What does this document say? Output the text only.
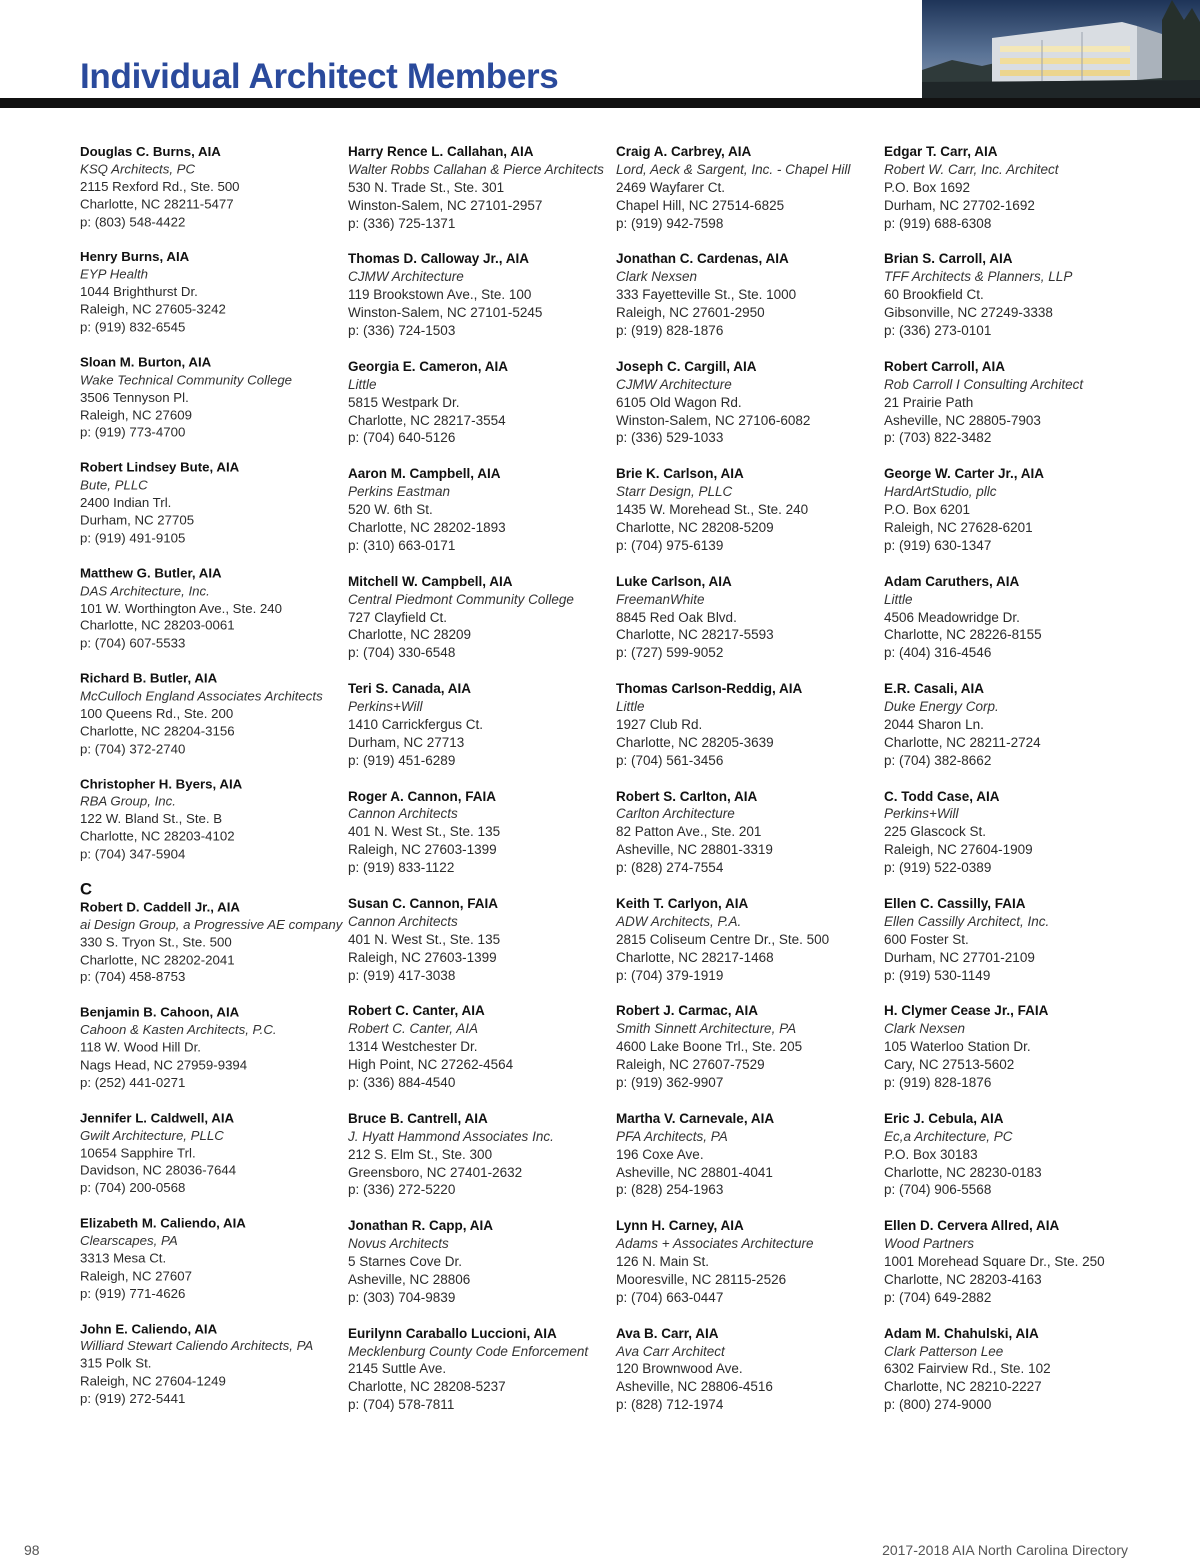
Individual Architect Members
Douglas C. Burns, AIA
KSQ Architects, PC
2115 Rexford Rd., Ste. 500
Charlotte, NC 28211-5477
p: (803) 548-4422
Henry Burns, AIA
EYP Health
1044 Brighthurst Dr.
Raleigh, NC 27605-3242
p: (919) 832-6545
Sloan M. Burton, AIA
Wake Technical Community College
3506 Tennyson Pl.
Raleigh, NC 27609
p: (919) 773-4700
Robert Lindsey Bute, AIA
Bute, PLLC
2400 Indian Trl.
Durham, NC 27705
p: (919) 491-9105
Matthew G. Butler, AIA
DAS Architecture, Inc.
101 W. Worthington Ave., Ste. 240
Charlotte, NC 28203-0061
p: (704) 607-5533
Richard B. Butler, AIA
McCulloch England Associates Architects
100 Queens Rd., Ste. 200
Charlotte, NC 28204-3156
p: (704) 372-2740
Christopher H. Byers, AIA
RBA Group, Inc.
122 W. Bland St., Ste. B
Charlotte, NC 28203-4102
p: (704) 347-5904
C
Robert D. Caddell Jr., AIA
ai Design Group, a Progressive AE company
330 S. Tryon St., Ste. 500
Charlotte, NC 28202-2041
p: (704) 458-8753
Benjamin B. Cahoon, AIA
Cahoon & Kasten Architects, P.C.
118 W. Wood Hill Dr.
Nags Head, NC 27959-9394
p: (252) 441-0271
Jennifer L. Caldwell, AIA
Gwilt Architecture, PLLC
10654 Sapphire Trl.
Davidson, NC 28036-7644
p: (704) 200-0568
Elizabeth M. Caliendo, AIA
Clearscapes, PA
3313 Mesa Ct.
Raleigh, NC 27607
p: (919) 771-4626
John E. Caliendo, AIA
Williard Stewart Caliendo Architects, PA
315 Polk St.
Raleigh, NC 27604-1249
p: (919) 272-5441
Harry Rence L. Callahan, AIA
Walter Robbs Callahan & Pierce Architects
530 N. Trade St., Ste. 301
Winston-Salem, NC 27101-2957
p: (336) 725-1371
Thomas D. Calloway Jr., AIA
CJMW Architecture
119 Brookstown Ave., Ste. 100
Winston-Salem, NC 27101-5245
p: (336) 724-1503
Georgia E. Cameron, AIA
Little
5815 Westpark Dr.
Charlotte, NC 28217-3554
p: (704) 640-5126
Aaron M. Campbell, AIA
Perkins Eastman
520 W. 6th St.
Charlotte, NC 28202-1893
p: (310) 663-0171
Mitchell W. Campbell, AIA
Central Piedmont Community College
727 Clayfield Ct.
Charlotte, NC 28209
p: (704) 330-6548
Teri S. Canada, AIA
Perkins+Will
1410 Carrickfergus Ct.
Durham, NC 27713
p: (919) 451-6289
Roger A. Cannon, FAIA
Cannon Architects
401 N. West St., Ste. 135
Raleigh, NC 27603-1399
p: (919) 833-1122
Susan C. Cannon, FAIA
Cannon Architects
401 N. West St., Ste. 135
Raleigh, NC 27603-1399
p: (919) 417-3038
Robert C. Canter, AIA
Robert C. Canter, AIA
1314 Westchester Dr.
High Point, NC 27262-4564
p: (336) 884-4540
Bruce B. Cantrell, AIA
J. Hyatt Hammond Associates Inc.
212 S. Elm St., Ste. 300
Greensboro, NC 27401-2632
p: (336) 272-5220
Jonathan R. Capp, AIA
Novus Architects
5 Starnes Cove Dr.
Asheville, NC 28806
p: (303) 704-9839
Eurilynn Caraballo Luccioni, AIA
Mecklenburg County Code Enforcement
2145 Suttle Ave.
Charlotte, NC 28208-5237
p: (704) 578-7811
Craig A. Carbrey, AIA
Lord, Aeck & Sargent, Inc. - Chapel Hill
2469 Wayfarer Ct.
Chapel Hill, NC 27514-6825
p: (919) 942-7598
Jonathan C. Cardenas, AIA
Clark Nexsen
333 Fayetteville St., Ste. 1000
Raleigh, NC 27601-2950
p: (919) 828-1876
Joseph C. Cargill, AIA
CJMW Architecture
6105 Old Wagon Rd.
Winston-Salem, NC 27106-6082
p: (336) 529-1033
Brie K. Carlson, AIA
Starr Design, PLLC
1435 W. Morehead St., Ste. 240
Charlotte, NC 28208-5209
p: (704) 975-6139
Luke Carlson, AIA
FreemanWhite
8845 Red Oak Blvd.
Charlotte, NC 28217-5593
p: (727) 599-9052
Thomas Carlson-Reddig, AIA
Little
1927 Club Rd.
Charlotte, NC 28205-3639
p: (704) 561-3456
Robert S. Carlton, AIA
Carlton Architecture
82 Patton Ave., Ste. 201
Asheville, NC 28801-3319
p: (828) 274-7554
Keith T. Carlyon, AIA
ADW Architects, P.A.
2815 Coliseum Centre Dr., Ste. 500
Charlotte, NC 28217-1468
p: (704) 379-1919
Robert J. Carmac, AIA
Smith Sinnett Architecture, PA
4600 Lake Boone Trl., Ste. 205
Raleigh, NC 27607-7529
p: (919) 362-9907
Martha V. Carnevale, AIA
PFA Architects, PA
196 Coxe Ave.
Asheville, NC 28801-4041
p: (828) 254-1963
Lynn H. Carney, AIA
Adams + Associates Architecture
126 N. Main St.
Mooresville, NC 28115-2526
p: (704) 663-0447
Ava B. Carr, AIA
Ava Carr Architect
120 Brownwood Ave.
Asheville, NC 28806-4516
p: (828) 712-1974
Edgar T. Carr, AIA
Robert W. Carr, Inc. Architect
P.O. Box 1692
Durham, NC 27702-1692
p: (919) 688-6308
Brian S. Carroll, AIA
TFF Architects & Planners, LLP
60 Brookfield Ct.
Gibsonville, NC 27249-3338
p: (336) 273-0101
Robert Carroll, AIA
Rob Carroll I Consulting Architect
21 Prairie Path
Asheville, NC 28805-7903
p: (703) 822-3482
George W. Carter Jr., AIA
HardArtStudio, pllc
P.O. Box 6201
Raleigh, NC 27628-6201
p: (919) 630-1347
Adam Caruthers, AIA
Little
4506 Meadowridge Dr.
Charlotte, NC 28226-8155
p: (404) 316-4546
E.R. Casali, AIA
Duke Energy Corp.
2044 Sharon Ln.
Charlotte, NC 28211-2724
p: (704) 382-8662
C. Todd Case, AIA
Perkins+Will
225 Glascock St.
Raleigh, NC 27604-1909
p: (919) 522-0389
Ellen C. Cassilly, FAIA
Ellen Cassilly Architect, Inc.
600 Foster St.
Durham, NC 27701-2109
p: (919) 530-1149
H. Clymer Cease Jr., FAIA
Clark Nexsen
105 Waterloo Station Dr.
Cary, NC 27513-5602
p: (919) 828-1876
Eric J. Cebula, AIA
Ec,a Architecture, PC
P.O. Box 30183
Charlotte, NC 28230-0183
p: (704) 906-5568
Ellen D. Cervera Allred, AIA
Wood Partners
1001 Morehead Square Dr., Ste. 250
Charlotte, NC 28203-4163
p: (704) 649-2882
Adam M. Chahulski, AIA
Clark Patterson Lee
6302 Fairview Rd., Ste. 102
Charlotte, NC 28210-2227
p: (800) 274-9000
98	2017-2018 AIA North Carolina Directory
